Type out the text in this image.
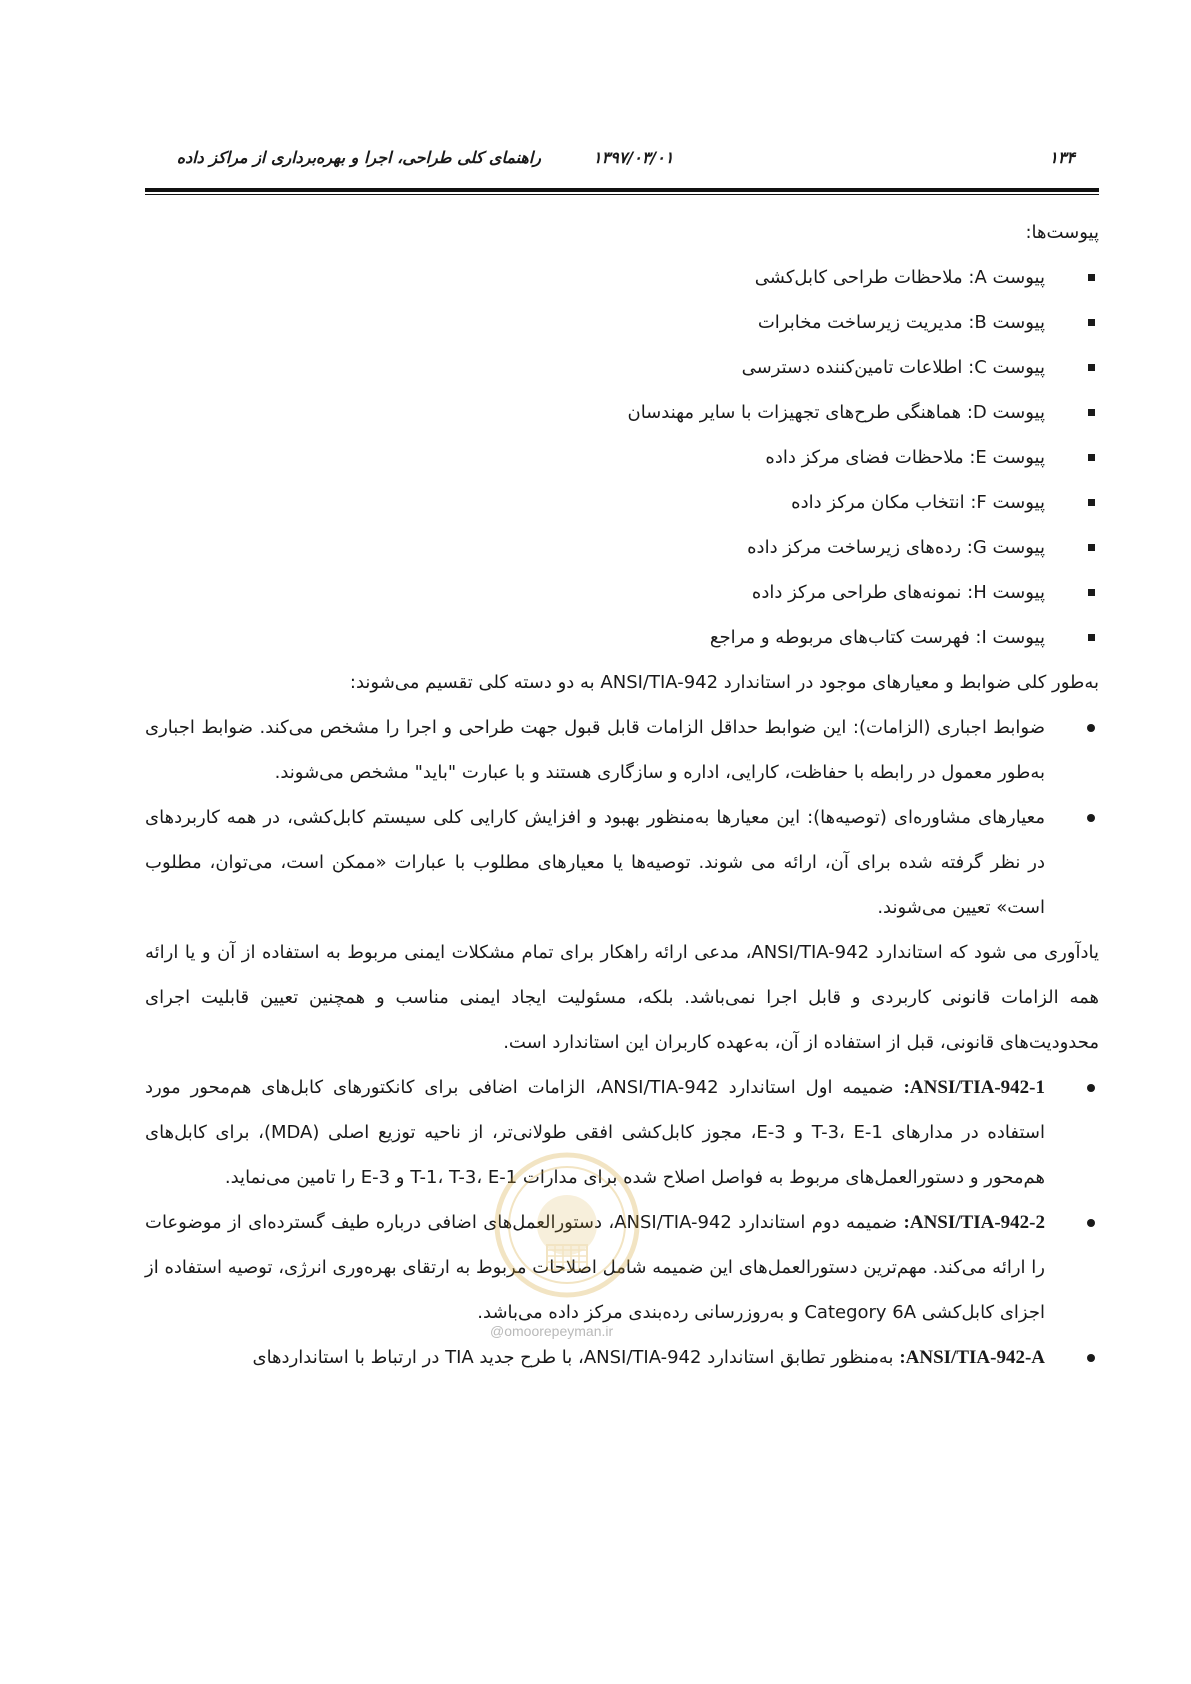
راهنمای کلی طراحی، اجرا و بهره‌برداری از مراکز داده	۱۳۹۷/۰۳/۰۱	۱۳۴

پیوست‌ها:

پیوست A: ملاحظات طراحی کابل‌کشی
پیوست B: مدیریت زیرساخت مخابرات
پیوست C: اطلاعات تامین‌کننده دسترسی
پیوست D: هماهنگی طرح‌های تجهیزات با سایر مهندسان
پیوست E: ملاحظات فضای مرکز داده
پیوست F: انتخاب مکان مرکز داده
پیوست G: رده‌های زیرساخت مرکز داده
پیوست H: نمونه‌های طراحی مرکز داده
پیوست I: فهرست کتاب‌های مربوطه و مراجع

به‌طور کلی ضوابط و معیارهای موجود در استاندارد ANSI/TIA-942 به دو دسته کلی تقسیم می‌شوند:

ضوابط اجباری (الزامات): این ضوابط حداقل الزامات قابل قبول جهت طراحی و اجرا را مشخص می‌کند. ضوابط اجباری به‌طور معمول در رابطه با حفاظت، کارایی، اداره و سازگاری هستند و با عبارت "باید" مشخص می‌شوند.
معیارهای مشاوره‌ای (توصیه‌ها): این معیارها به‌منظور بهبود و افزایش کارایی کلی سیستم کابل‌کشی، در همه کاربردهای در نظر گرفته شده برای آن، ارائه می شوند. توصیه‌ها یا معیارهای مطلوب با عبارات «ممکن است، می‌توان، مطلوب است» تعیین می‌شوند.

یادآوری می شود که استاندارد ANSI/TIA-942، مدعی ارائه راهکار برای تمام مشکلات ایمنی مربوط به استفاده از آن و یا ارائه همه الزامات قانونی کاربردی و قابل اجرا نمی‌باشد. بلکه، مسئولیت ایجاد ایمنی مناسب و همچنین تعیین قابلیت اجرای محدودیت‌های قانونی، قبل از استفاده از آن، به‌عهده کاربران این استاندارد است.

ANSI/TIA-942-1: ضمیمه اول استاندارد ANSI/TIA-942، الزامات اضافی برای کانکتورهای کابل‌های هم‌محور مورد استفاده در مدارهای T-3، E-1 و E-3، مجوز کابل‌کشی افقی طولانی‌تر، از ناحیه توزیع اصلی (MDA)، برای کابل‌های هم‌محور و دستورالعمل‌های مربوط به فواصل اصلاح شده برای مدارات T-1، T-3، E-1 و E-3 را تامین می‌نماید.
ANSI/TIA-942-2: ضمیمه دوم استاندارد ANSI/TIA-942، دستورالعمل‌های اضافی درباره طیف گسترده‌ای از موضوعات را ارائه می‌کند. مهم‌ترین دستورالعمل‌های این ضمیمه شامل اصلاحات مربوط به ارتقای بهره‌وری انرژی، توصیه استفاده از اجزای کابل‌کشی Category 6A و به‌روزرسانی رده‌بندی مرکز داده می‌باشد.
ANSI/TIA-942-A: به‌منظور تطابق استاندارد ANSI/TIA-942، با طرح جدید TIA در ارتباط با استانداردهای
@omoorepeyman.ir
